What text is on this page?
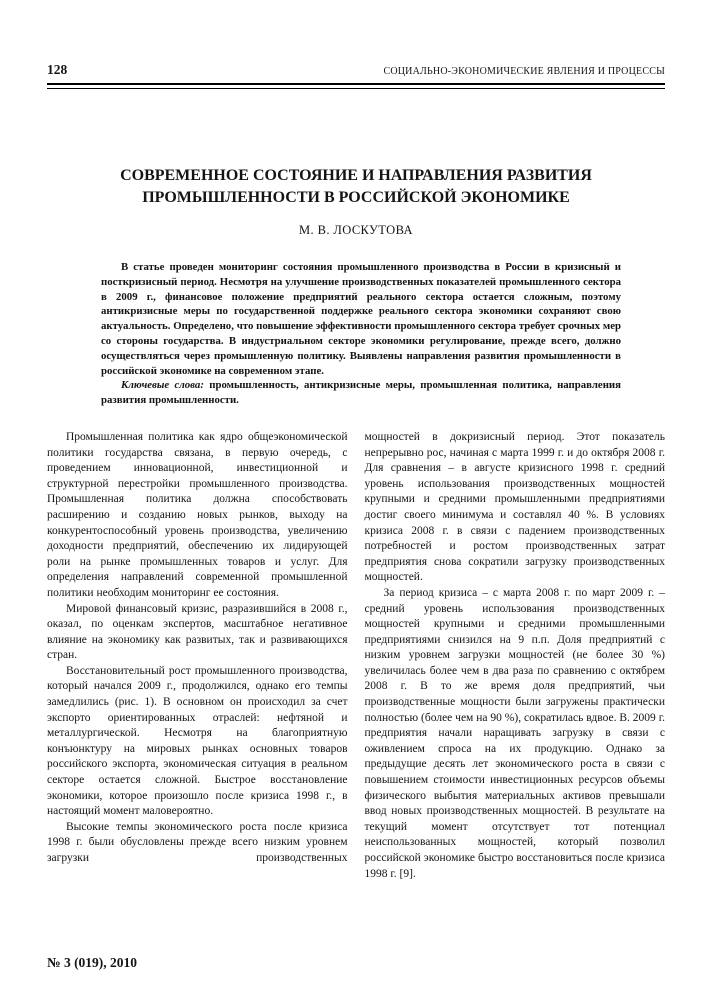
128	СОЦИАЛЬНО-ЭКОНОМИЧЕСКИЕ ЯВЛЕНИЯ И ПРОЦЕССЫ
СОВРЕМЕННОЕ СОСТОЯНИЕ И НАПРАВЛЕНИЯ РАЗВИТИЯ ПРОМЫШЛЕННОСТИ В РОССИЙСКОЙ ЭКОНОМИКЕ
М. В. ЛОСКУТОВА

В статье проведен мониторинг состояния промышленного производства в России в кризисный и посткризисный период. Несмотря на улучшение производственных показателей промышленного сектора в 2009 г., финансовое положение предприятий реального сектора остается сложным, поэтому антикризисные меры по государственной поддержке реального сектора экономики сохраняют свою актуальность. Определено, что повышение эффективности промышленного сектора требует срочных мер со стороны государства. В индустриальном секторе экономики регулирование, прежде всего, должно осуществляться через промышленную политику. Выявлены направления развития промышленности в российской экономике на современном этапе.

Ключевые слова: промышленность, антикризисные меры, промышленная политика, направления развития промышленности.

Промышленная политика как ядро общеэкономической политики государства связана, в первую очередь, с проведением инновационной, инвестиционной и структурной перестройки промышленного производства. Промышленная политика должна способствовать расширению и созданию новых рынков, выходу на конкурентоспособный уровень производства, увеличению доходности предприятий, обеспечению их лидирующей роли на рынке промышленных товаров и услуг. Для определения направлений современной промышленной политики необходим мониторинг ее состояния.

Мировой финансовый кризис, разразившийся в 2008 г., оказал, по оценкам экспертов, масштабное негативное влияние на экономику как развитых, так и развивающихся стран.

Восстановительный рост промышленного производства, который начался 2009 г., продолжился, однако его темпы замедлились (рис. 1). В основном он происходил за счет экспорто ориентированных отраслей: нефтяной и металлургической. Несмотря на благоприятную конъюнктуру на мировых рынках основных товаров российского экспорта, экономическая ситуация в реальном секторе остается сложной. Быстрое восстановление экономики, которое произошло после кризиса 1998 г., в настоящий момент маловероятно.

Высокие темпы экономического роста после кризиса 1998 г. были обусловлены прежде всего низким уровнем загрузки производственных

мощностей в докризисный период. Этот показатель непрерывно рос, начиная с марта 1999 г. и до октября 2008 г. Для сравнения – в августе кризисного 1998 г. средний уровень использования производственных мощностей крупными и средними промышленными предприятиями достиг своего минимума и составлял 40 %. В условиях кризиса 2008 г. в связи с падением производственных потребностей и ростом производственных затрат предприятия снова сократили загрузку производственных мощностей.

За период кризиса – с марта 2008 г. по март 2009 г. – средний уровень использования производственных мощностей крупными и средними промышленными предприятиями снизился на 9 п.п. Доля предприятий с низким уровнем загрузки мощностей (не более 30 %) увеличилась более чем в два раза по сравнению с октябрем 2008 г. В то же время доля предприятий, чьи производственные мощности были загружены практически полностью (более чем на 90 %), сократилась вдвое. В. 2009 г. предприятия начали наращивать загрузку в связи с оживлением спроса на их продукцию. Однако за предыдущие десять лет экономического роста в связи с повышением стоимости инвестиционных ресурсов объемы физического выбытия материальных активов превышали ввод новых производственных мощностей. В результате на текущий момент отсутствует тот потенциал неиспользованных мощностей, который позволил российской экономике быстро восстановиться после кризиса 1998 г. [9].

№ 3 (019), 2010
